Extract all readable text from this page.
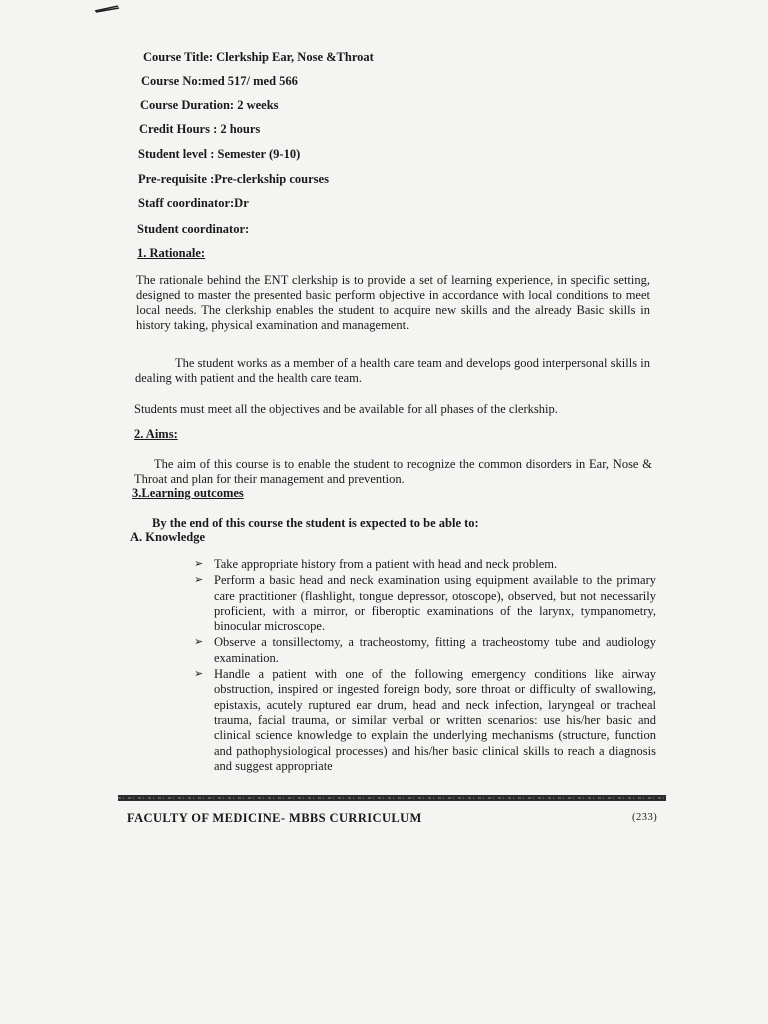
Course Title: Clerkship Ear, Nose &Throat
Course No:med 517/ med 566
Course Duration: 2 weeks
Credit Hours : 2 hours
Student level : Semester (9-10)
Pre-requisite :Pre-clerkship courses
Staff coordinator:Dr
Student coordinator:
1. Rationale:
The rationale behind the ENT clerkship is to provide a set of learning experience, in specific setting, designed to master the presented basic perform objective in accordance with local conditions to meet local needs. The clerkship enables the student to acquire new skills and the already Basic skills in history taking, physical examination and management.
The student works as a member of a health care team and develops good interpersonal skills in dealing with patient and the health care team.
Students must meet all the objectives and be available for all phases of the clerkship.
2. Aims:
The aim of this course is to enable the student to recognize the common disorders in Ear, Nose & Throat and plan for their management and prevention.
3.Learning outcomes
By the end of this course the student is expected to be able to:
A. Knowledge
➢ Take appropriate history from a patient with head and neck problem.
➢ Perform a basic head and neck examination using equipment available to the primary care practitioner (flashlight, tongue depressor, otoscope), observed, but not necessarily proficient, with a mirror, or fiberoptic examinations of the larynx, tympanometry, binocular microscope.
➢ Observe a tonsillectomy, a tracheostomy, fitting a tracheostomy tube and audiology examination.
➢ Handle a patient with one of the following emergency conditions like airway obstruction, inspired or ingested foreign body, sore throat or difficulty of swallowing, epistaxis, acutely ruptured ear drum, head and neck infection, laryngeal or tracheal trauma, facial trauma, or similar verbal or written scenarios: use his/her basic and clinical science knowledge to explain the underlying mechanisms (structure, function and pathophysiological processes) and his/her basic clinical skills to reach a diagnosis and suggest appropriate
FACULTY OF MEDICINE- MBBS CURRICULUM	(233)
